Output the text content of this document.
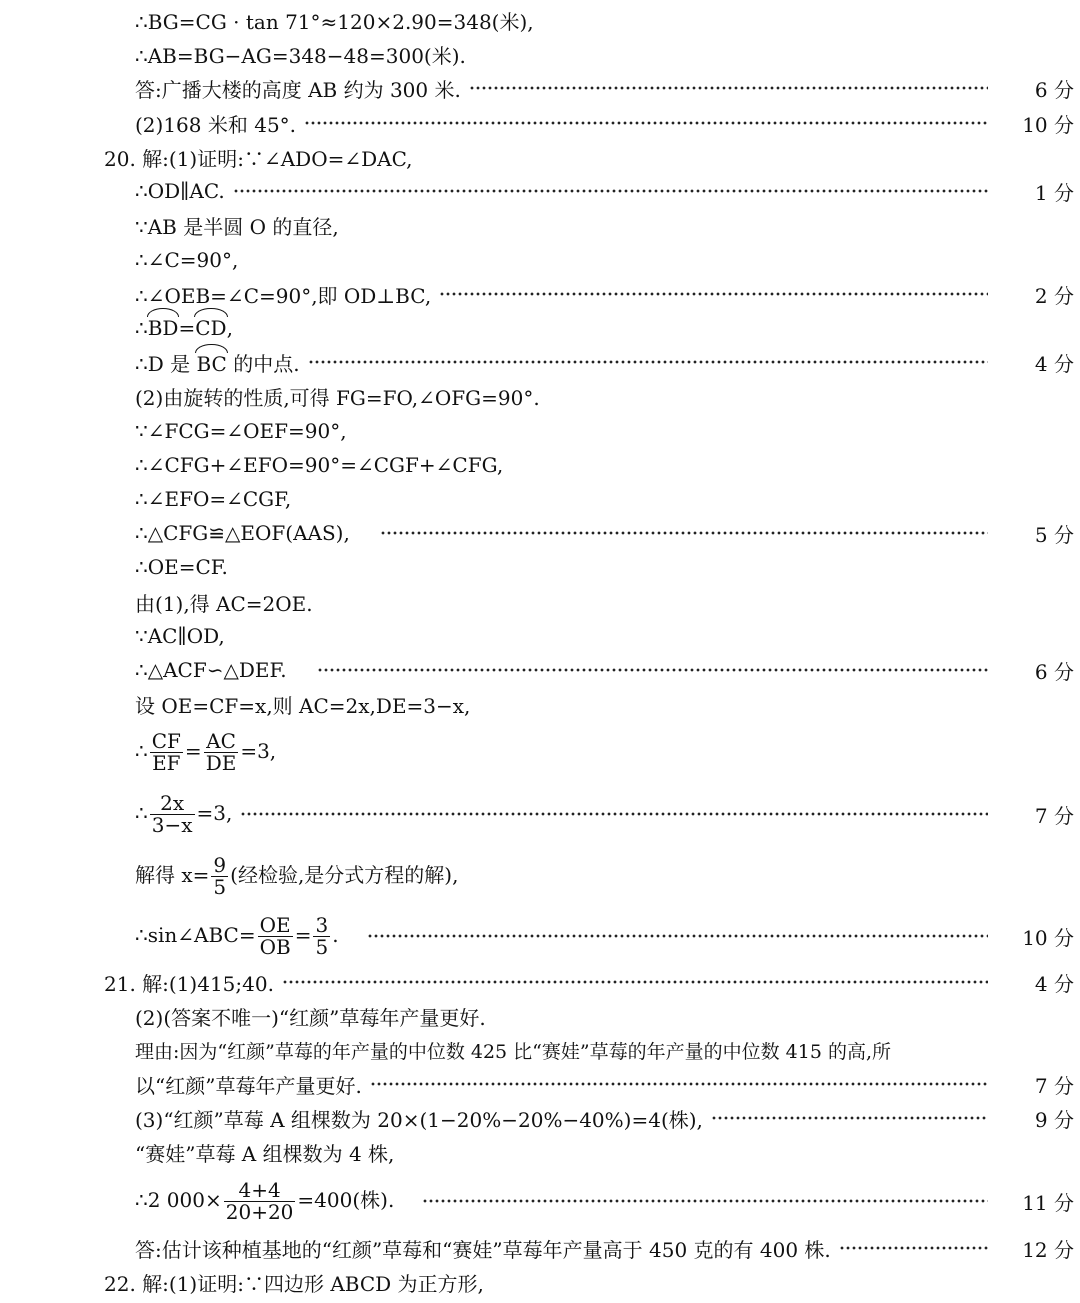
∴BG=CG · tan 71°≈120×2.90=348(米),
∴AB=BG−AG=348−48=300(米).
答:广播大楼的高度 AB 约为 300 米.	6 分
(2)168 米和 45°.	10 分
20. 解:(1)证明:∵∠ADO=∠DAC,
∴OD∥AC.	1 分
∵AB 是半圆 O 的直径,
∴∠C=90°,
∴∠OEB=∠C=90°,即 OD⊥BC,	2 分
∴BD=CD,
∴D 是 BC 的中点.	4 分
(2)由旋转的性质,可得 FG=FO,∠OFG=90°.
∵∠FCG=∠OEF=90°,
∴∠CFG+∠EFO=90°=∠CGF+∠CFG,
∴∠EFO=∠CGF,
∴△CFG≌△EOF(AAS),	5 分
∴OE=CF.
由(1),得 AC=2OE.
∵AC∥OD,
∴△ACF∽△DEF.	6 分
设 OE=CF=x,则 AC=2x,DE=3−x,
∴ $\frac{CF}{EF} = \frac{AC}{DE} =3$,
∴ $\frac{2x}{3-x} =3$,	7 分
解得 $x= \frac{9}{5}$ (经检验,是分式方程的解),
∴sin∠ABC= $\frac{OE}{OB} = \frac{3}{5}$ .	10 分
21. 解:(1)415;40.	4 分
(2)(答案不唯一)“红颜”草莓年产量更好.
理由:因为“红颜”草莓的年产量的中位数 425 比“赛娃”草莓的年产量的中位数 415 的高,所
以“红颜”草莓年产量更好.	7 分
(3)“红颜”草莓 A 组棵数为 20×(1−20%−20%−40%)=4(株),	9 分
“赛娃”草莓 A 组棵数为 4 株,
∴2 $000\times \frac{4+4}{20+20} =400$(株).	11 分
答:估计该种植基地的“红颜”草莓和“赛娃”草莓年产量高于 450 克的有 400 株.	12 分
22. 解:(1)证明:∵四边形 ABCD 为正方形,
